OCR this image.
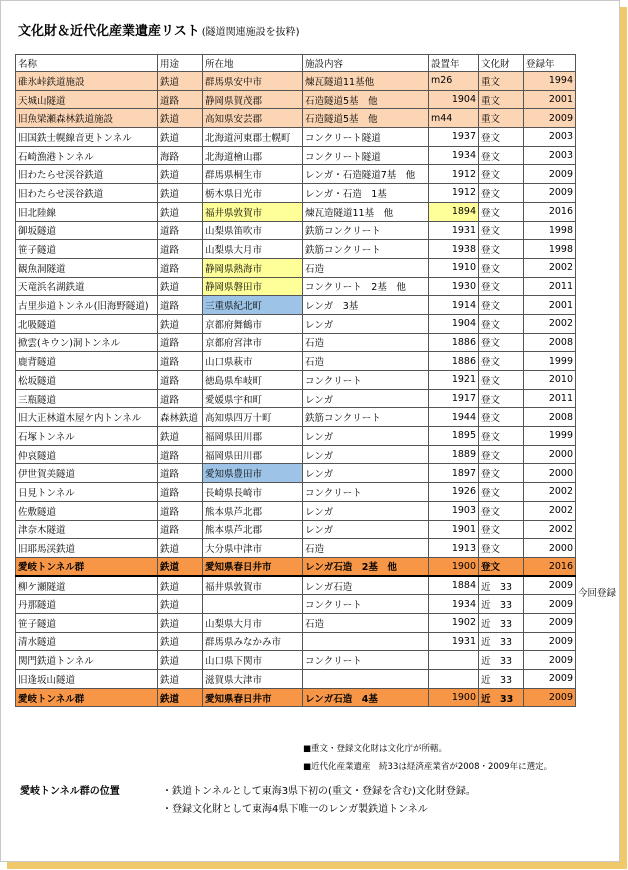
文化財＆近代化産業遺産リスト (隧道関連施設を抜粋)
名称	用途	所在地	施設内容	設置年	文化財	登録年
碓氷峠鉄道施設	鉄道	群馬県安中市	煉瓦隧道11基他	m26	重文	1994
天城山隧道	道路	静岡県賀茂郡	石造隧道5基　他	1904	重文	2001
旧魚梁瀬森林鉄道施設	鉄道	高知県安芸郡	石造隧道5基　他	m44	重文	2009
旧国鉄士幌線音更トンネル	鉄道	北海道河東郡士幌町	コンクリート隧道	1937	登文	2003
石崎漁港トンネル	海路	北海道檜山郡	コンクリート隧道	1934	登文	2003
旧わたらせ渓谷鉄道	鉄道	群馬県桐生市	レンガ・石造隧道7基　他	1912	登文	2009
旧わたらせ渓谷鉄道	鉄道	栃木県日光市	レンガ・石造　1基	1912	登文	2009
旧北陸線	鉄道	福井県敦賀市	煉瓦造隧道11基　他	1894	登文	2016
御坂隧道	道路	山梨県笛吹市	鉄筋コンクリート	1931	登文	1998
笹子隧道	道路	山梨県大月市	鉄筋コンクリート	1938	登文	1998
観魚洞隧道	道路	静岡県熱海市	石造	1910	登文	2002
天竜浜名湖鉄道	鉄道	静岡県磐田市	コンクリート　2基　他	1930	登文	2011
古里歩道トンネル(旧海野隧道)	道路	三重県紀北町	レンガ　3基	1914	登文	2001
北吸隧道	鉄道	京都府舞鶴市	レンガ	1904	登文	2002
掀雲(キウン)洞トンネル	道路	京都府宮津市	石造	1886	登文	2008
鹿背隧道	道路	山口県萩市	石造	1886	登文	1999
松坂隧道	道路	徳島県牟岐町	コンクリート	1921	登文	2010
三瓶隧道	道路	愛媛県宇和町	レンガ	1917	登文	2011
旧大正林道木屋ケ内トンネル	森林鉄道	高知県四万十町	鉄筋コンクリート	1944	登文	2008
石塚トンネル	鉄道	福岡県田川郡	レンガ	1895	登文	1999
仲哀隧道	道路	福岡県田川郡	レンガ	1889	登文	2000
伊世賀美隧道	道路	愛知県豊田市	レンガ	1897	登文	2000
日見トンネル	道路	長崎県長崎市	コンクリート	1926	登文	2002
佐敷隧道	道路	熊本県芦北郡	レンガ	1903	登文	2002
津奈木隧道	道路	熊本県芦北郡	レンガ	1901	登文	2002
旧耶馬渓鉄道	鉄道	大分県中津市	石造	1913	登文	2000
愛岐トンネル群	鉄道	愛知県春日井市	レンガ石造　2基　他	1900	登文	2016
柳ケ瀬隧道	鉄道	福井県敦賀市	レンガ石造	1884	近　33	2009
丹那隧道	鉄道		コンクリート	1934	近　33	2009
笹子隧道	鉄道	山梨県大月市	石造	1902	近　33	2009
清水隧道	鉄道	群馬県みなかみ市		1931	近　33	2009
関門鉄道トンネル	鉄道	山口県下関市	コンクリート		近　33	2009
旧逢坂山隧道	鉄道	滋賀県大津市			近　33	2009
愛岐トンネル群	鉄道	愛知県春日井市	レンガ石造　4基	1900	近　33	2009
今回登録
■重文・登録文化財は文化庁が所轄。
■近代化産業遺産　続33は経済産業省が2008・2009年に選定。
愛岐トンネル群の位置	・鉄道トンネルとして東海3県下初の(重文・登録を含む)文化財登録。
・登録文化財として東海4県下唯一のレンガ製鉄道トンネル
